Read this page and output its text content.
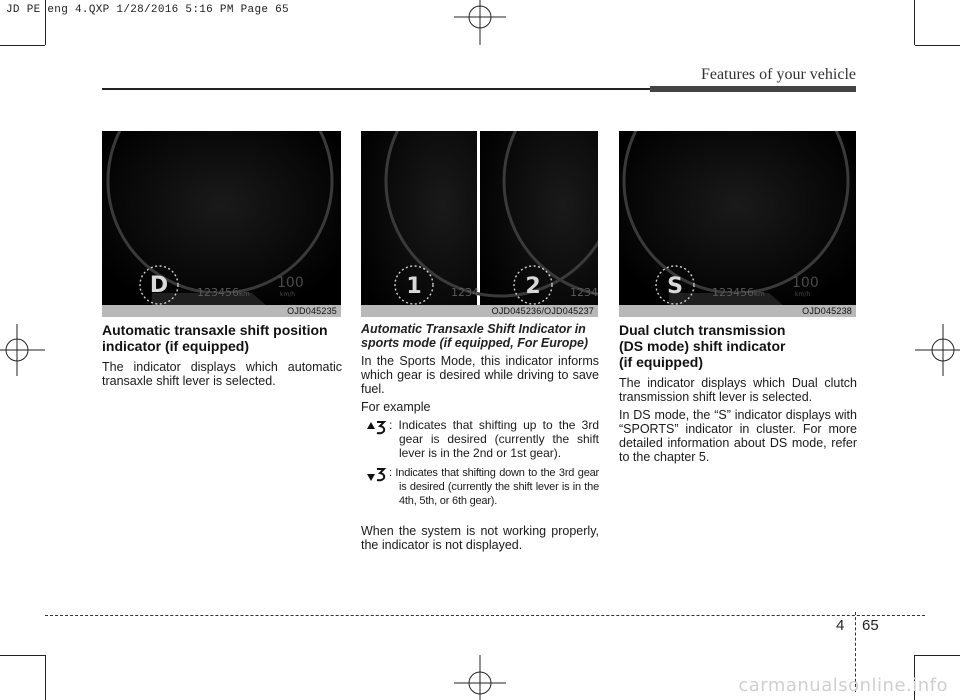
JD PE eng 4.QXP 1/28/2016 5:16 PM Page 65
Features of your vehicle
D	123456 km
100
km/h
OJD045235
1	1234 2	1234
OJD045236/OJD045237
S	123456 km
100
km/h
OJD045238
Automatic transaxle shift position indicator (if equipped)
The indicator displays which automatic transaxle shift lever is selected.
Automatic Transaxle Shift Indicator in sports mode (if equipped, For Europe)
In the Sports Mode, this indicator informs which gear is desired while driving to save fuel.
For example
: Indicates that shifting up to the 3rd gear is desired (currently the shift lever is in the 2nd or 1st gear).
: Indicates that shifting down to the 3rd gear is desired (currently the shift lever is in the 4th, 5th, or 6th gear).
When the system is not working properly, the indicator is not displayed.
Dual clutch transmission
(DS mode) shift indicator
(if equipped)
The indicator displays which Dual clutch transmission shift lever is selected.
In DS mode, the “S” indicator displays with “SPORTS” indicator in cluster. For more detailed information about DS mode, refer to the chapter 5.
4 65
carmanualsonline.info
